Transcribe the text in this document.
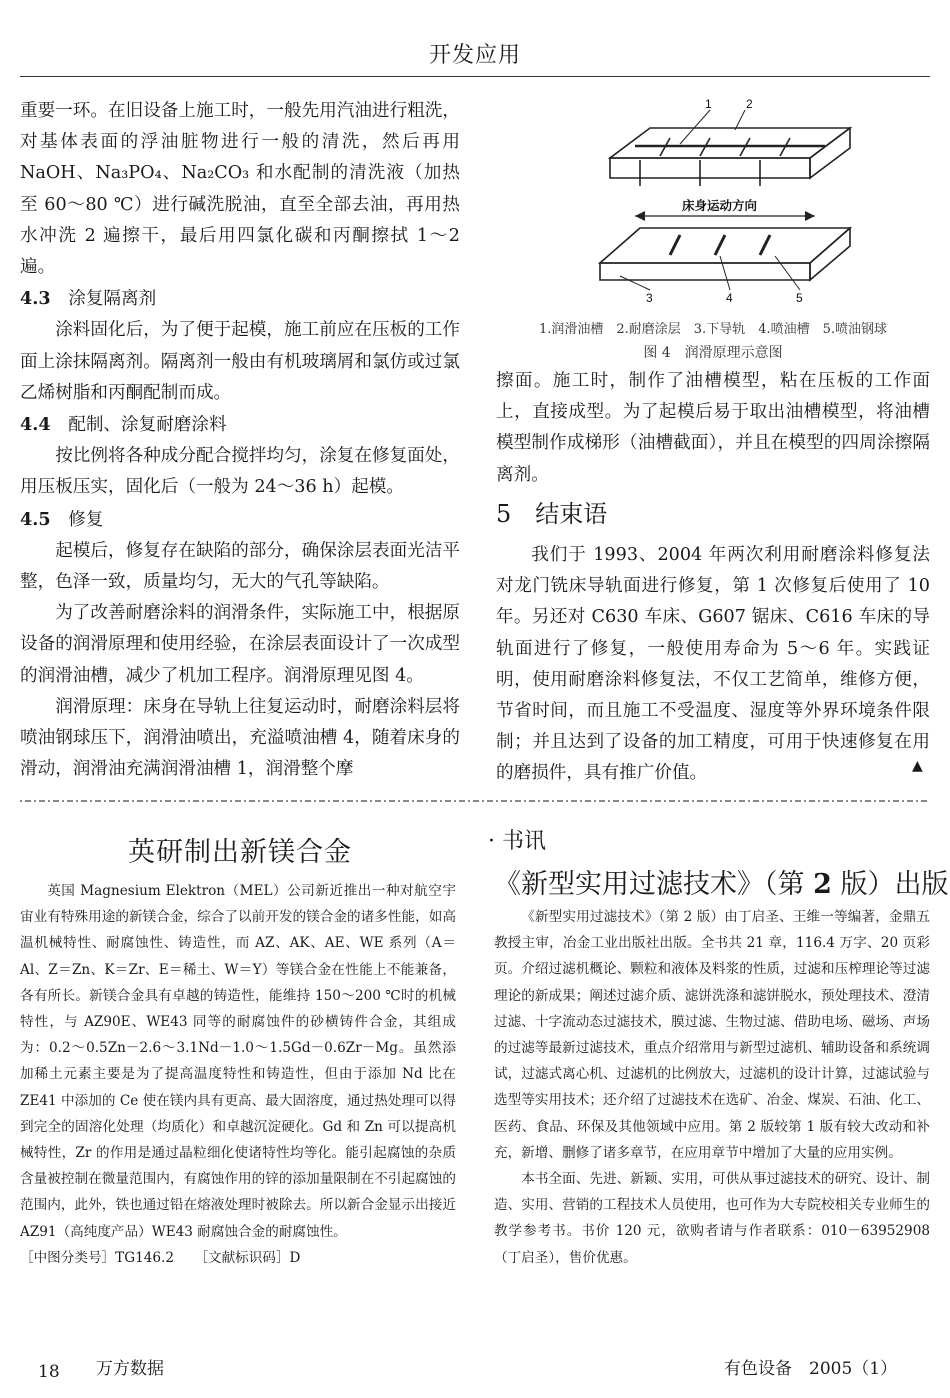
开发应用

重要一环。在旧设备上施工时，一般先用汽油进行粗洗，对基体表面的浮油脏物进行一般的清洗，然后再用 NaOH、Na₃PO₄、Na₂CO₃ 和水配制的清洗液（加热至 60～80 ℃）进行碱洗脱油，直至全部去油，再用热水冲洗 2 遍擦干，最后用四氯化碳和丙酮擦拭 1～2 遍。

4.3　 涂复隔离剂

涂料固化后，为了便于起模，施工前应在压板的工作面上涂抹隔离剂。隔离剂一般由有机玻璃屑和氯仿或过氯乙烯树脂和丙酮配制而成。

4.4　 配制、涂复耐磨涂料

按比例将各种成分配合搅拌均匀，涂复在修复面处，用压板压实，固化后（一般为 24～36 h）起模。

4.5　 修复

起模后，修复存在缺陷的部分，确保涂层表面光洁平整，色泽一致，质量均匀，无大的气孔等缺陷。

为了改善耐磨涂料的润滑条件，实际施工中，根据原设备的润滑原理和使用经验，在涂层表面设计了一次成型的润滑油槽，减少了机加工程序。润滑原理见图 4。

润滑原理：床身在导轨上往复运动时，耐磨涂料层将喷油钢球压下，润滑油喷出，充溢喷油槽 4，随着床身的滑动，润滑油充满润滑油槽 1，润滑整个摩

1	2
3	4	5
床身运动方向
1.润滑油槽　2.耐磨涂层　3.下导轨　4.喷油槽　5.喷油钢球
图 4　润滑原理示意图

擦面。施工时，制作了油槽模型，粘在压板的工作面上，直接成型。为了起模后易于取出油槽模型，将油槽模型制作成梯形（油槽截面），并且在模型的四周涂擦隔离剂。

5　 结束语

我们于 1993、2004 年两次利用耐磨涂料修复法对龙门铣床导轨面进行修复，第 1 次修复后使用了 10 年。另还对 C630 车床、G607 锯床、C616 车床的导轨面进行了修复，一般使用寿命为 5～6 年。实践证明，使用耐磨涂料修复法，不仅工艺简单，维修方便，节省时间，而且施工不受温度、湿度等外界环境条件限制；并且达到了设备的加工精度，可用于快速修复在用的磨损件，具有推广价值。	▲
英研制出新镁合金

英国 Magnesium Elektron（MEL）公司新近推出一种对航空宇宙业有特殊用途的新镁合金，综合了以前开发的镁合金的诸多性能，如高温机械特性、耐腐蚀性、铸造性，而 AZ、AK、AE、WE 系列（A＝Al、Z＝Zn、K＝Zr、E＝稀土、W＝Y）等镁合金在性能上不能兼备，各有所长。新镁合金具有卓越的铸造性，能维持 150～200 ℃时的机械特性，与 AZ90E、WE43 同等的耐腐蚀件的砂横铸件合金，其组成为：0.2～0.5Zn－2.6～3.1Nd－1.0～1.5Gd－0.6Zr－Mg。虽然添加稀土元素主要是为了提高温度特性和铸造性，但由于添加 Nd 比在 ZE41 中添加的 Ce 使在镁内具有更高、最大固溶度，通过热处理可以得到完全的固溶化处理（均质化）和卓越沉淀硬化。Gd 和 Zn 可以提高机械特性，Zr 的作用是通过晶粒细化使诸特性均等化。能引起腐蚀的杂质含量被控制在微量范围内，有腐蚀作用的锌的添加量限制在不引起腐蚀的范围内，此外，铁也通过铅在熔液处理时被除去。所以新合金显示出接近 AZ91（高纯度产品）WE43 耐腐蚀合金的耐腐蚀性。

［中图分类号］TG146.2　　［文献标识码］D

· 书讯
《新型实用过滤技术》（第 2 版）出版

《新型实用过滤技术》（第 2 版）由丁启圣、王维一等编著，金鼎五教授主审，冶金工业出版社出版。全书共 21 章，116.4 万字、20 页彩页。介绍过滤机概论、颗粒和液体及料浆的性质，过滤和压榨理论等过滤理论的新成果；阐述过滤介质、滤饼洗涤和滤饼脱水，预处理技术、澄清过滤、十字流动态过滤技术，膜过滤、生物过滤、借助电场、磁场、声场的过滤等最新过滤技术，重点介绍常用与新型过滤机、辅助设备和系统调试，过滤式离心机、过滤机的比例放大，过滤机的设计计算，过滤试验与选型等实用技术；还介绍了过滤技术在选矿、冶金、煤炭、石油、化工、医药、食品、环保及其他领域中应用。第 2 版较第 1 版有较大改动和补充，新增、删修了诸多章节，在应用章节中增加了大量的应用实例。

本书全面、先进、新颖、实用，可供从事过滤技术的研究、设计、制造、实用、营销的工程技术人员使用，也可作为大专院校相关专业师生的教学参考书。书价 120 元，欲购者请与作者联系：010－63952908（丁启圣），售价优惠。

18 万方数据	有色设备　2005（1）
